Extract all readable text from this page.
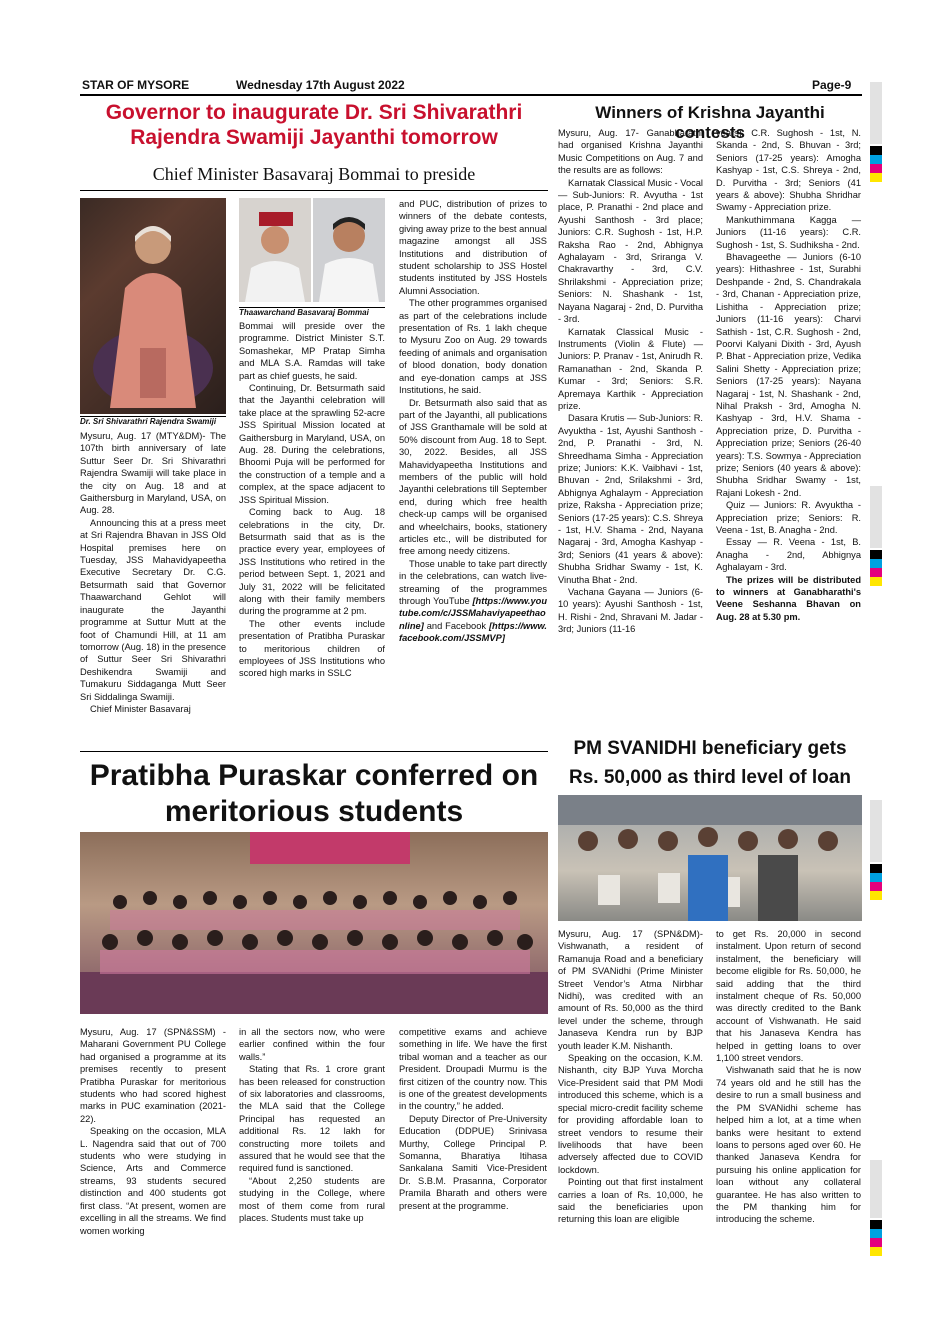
STAR OF MYSORE	Wednesday 17th August 2022	Page-9
Governor to inaugurate Dr. Sri Shivarathri Rajendra Swamiji Jayanthi tomorrow
Chief Minister Basavaraj Bommai to preside
Dr. Sri Shivarathri Rajendra Swamiji
Thaawarchand Basavaraj Bommai

Mysuru, Aug. 17 (MTY&DM)- The 107th birth anniversary of late Suttur Seer Dr. Sri Shivarathri Rajendra Swamiji will take place in the city on Aug. 18 and at Gaithersburg in Maryland, USA, on Aug. 28.

Announcing this at a press meet at Sri Rajendra Bhavan in JSS Old Hospital premises here on Tuesday, JSS Mahavidyapeetha Executive Secretary Dr. C.G. Betsurmath said that Governor Thaawarchand Gehlot will inaugurate the Jayanthi programme at Suttur Mutt at the foot of Chamundi Hill, at 11 am tomorrow (Aug. 18) in the presence of Suttur Seer Sri Shivarathri Deshikendra Swamiji and Tumakuru Siddaganga Mutt Seer Sri Siddalinga Swamiji.

Chief Minister Basavaraj

Bommai will preside over the programme. District Minister S.T. Somashekar, MP Pratap Simha and MLA S.A. Ramdas will take part as chief guests, he said.

Continuing, Dr. Betsurmath said that the Jayanthi celebration will take place at the sprawling 52-acre JSS Spiritual Mission located at Gaithersburg in Maryland, USA, on Aug. 28. During the celebrations, Bhoomi Puja will be performed for the construction of a temple and a complex, at the space adjacent to JSS Spiritual Mission.

Coming back to Aug. 18 celebrations in the city, Dr. Betsurmath said that as is the practice every year, employees of JSS Institutions who retired in the period between Sept. 1, 2021 and July 31, 2022 will be felicitated along with their family members during the programme at 2 pm.

The other events include presentation of Pratibha Puraskar to meritorious children of employees of JSS Institutions who scored high marks in SSLC

and PUC, distribution of prizes to winners of the debate contests, giving away prize to the best annual magazine amongst all JSS Institutions and distribution of student scholarship to JSS Hostel students instituted by JSS Hostels Alumni Association.

The other programmes organised as part of the celebrations include presentation of Rs. 1 lakh cheque to Mysuru Zoo on Aug. 29 towards feeding of animals and organisation of blood donation, body donation and eye-donation camps at JSS Institutions, he said.

Dr. Betsurmath also said that as part of the Jayanthi, all publications of JSS Granthamale will be sold at 50% discount from Aug. 18 to Sept. 30, 2022. Besides, all JSS Mahavidyapeetha Institutions and members of the public will hold Jayanthi celebrations till September end, during which free health check-up camps will be organised and wheelchairs, books, stationery articles etc., will be distributed for free among needy citizens.

Those unable to take part directly in the celebrations, can watch live-streaming of the programmes through YouTube [https://www.youtube.com/c/JSSMahaviyapeethaonline] and Facebook [https://www.facebook.com/JSSMVP]

Winners of Krishna Jayanthi contests

Mysuru, Aug. 17- Ganabharathi had organised Krishna Jayanthi Music Competitions on Aug. 7 and the results are as follows:

Karnatak Classical Music - Vocal — Sub-Juniors: R. Avyutha - 1st place, P. Pranathi - 2nd place and Ayushi Santhosh - 3rd place; Juniors: C.R. Sughosh - 1st, H.P. Raksha Rao - 2nd, Abhignya Aghalayam - 3rd, Sriranga V. Chakravarthy - 3rd, C.V. Shrilakshmi - Appreciation prize; Seniors: N. Shashank - 1st, Nayana Nagaraj - 2nd, D. Purvitha - 3rd.

Karnatak Classical Music - Instruments (Violin & Flute) — Juniors: P. Pranav - 1st, Anirudh R. Ramanathan - 2nd, Skanda P. Kumar - 3rd; Seniors: S.R. Apremaya Karthik - Appreciation prize.

Dasara Krutis — Sub-Juniors: R. Avyuktha - 1st, Ayushi Santhosh - 2nd, P. Pranathi - 3rd, N. Shreedhama Simha - Appreciation prize; Juniors: K.K. Vaibhavi - 1st, Bhuvan - 2nd, Srilakshmi - 3rd, Abhignya Aghalaym - Appreciation prize, Raksha - Appreciation prize; Seniors (17-25 years): C.S. Shreya - 1st, H.V. Shama - 2nd, Nayana Nagaraj - 3rd, Amogha Kashyap - 3rd; Seniors (41 years & above): Shubha Sridhar Swamy - 1st, K. Vinutha Bhat - 2nd.

Vachana Gayana — Juniors (6-10 years): Ayushi Santhosh - 1st, H. Rishi - 2nd, Shravani M. Jadar - 3rd; Juniors (11-16

years): C.R. Sughosh - 1st, N. Skanda - 2nd, S. Bhuvan - 3rd; Seniors (17-25 years): Amogha Kashyap - 1st, C.S. Shreya - 2nd, D. Purvitha - 3rd; Seniors (41 years & above): Shubha Shridhar Swamy - Appreciation prize.

Mankuthimmana Kagga — Juniors (11-16 years): C.R. Sughosh - 1st, S. Sudhiksha - 2nd.

Bhavageethe — Juniors (6-10 years): Hithashree - 1st, Surabhi Deshpande - 2nd, S. Chandrakala - 3rd, Chanan - Appreciation prize, Lishitha - Appreciation prize; Juniors (11-16 years): Charvi Sathish - 1st, C.R. Sughosh - 2nd, Poorvi Kalyani Dixith - 3rd, Ayush P. Bhat - Appreciation prize, Vedika Salini Shetty - Appreciation prize; Seniors (17-25 years): Nayana Nagaraj - 1st, N. Shashank - 2nd, Nihal Praksh - 3rd, Amogha N. Kashyap - 3rd, H.V. Shama - Appreciation prize, D. Purvitha - Appreciation prize; Seniors (26-40 years): T.S. Sowmya - Appreciation prize; Seniors (40 years & above): Shubha Sridhar Swamy - 1st, Rajani Lokesh - 2nd.

Quiz — Juniors: R. Avyuktha - Appreciation prize; Seniors: R. Veena - 1st, B. Anagha - 2nd.

Essay — R. Veena - 1st, B. Anagha - 2nd, Abhignya Aghalayam - 3rd.

The prizes will be distributed to winners at Ganabharathi's Veene Seshanna Bhavan on Aug. 28 at 5.30 pm.

Pratibha Puraskar conferred on meritorious students

Mysuru, Aug. 17 (SPN&SSM) - Maharani Government PU College had organised a programme at its premises recently to present Pratibha Puraskar for meritorious students who had scored highest marks in PUC examination (2021-22).

Speaking on the occasion, MLA L. Nagendra said that out of 700 students who were studying in Science, Arts and Commerce streams, 93 students secured distinction and 400 students got first class. “At present, women are excelling in all the streams. We find women working

in all the sectors now, who were earlier confined within the four walls.”

Stating that Rs. 1 crore grant has been released for construction of six laboratories and classrooms, the MLA said that the College Principal has requested an additional Rs. 12 lakh for constructing more toilets and assured that he would see that the required fund is sanctioned.

“About 2,250 students are studying in the College, where most of them come from rural places. Students must take up

competitive exams and achieve something in life. We have the first tribal woman and a teacher as our President. Droupadi Murmu is the first citizen of the country now. This is one of the greatest developments in the country,” he added.

Deputy Director of Pre-University Education (DDPUE) Srinivasa Murthy, College Principal P. Somanna, Bharatiya Itihasa Sankalana Samiti Vice-President Dr. S.B.M. Prasanna, Corporator Pramila Bharath and others were present at the programme.

PM SVANIDHI beneficiary gets Rs. 50,000 as third level of loan

Mysuru, Aug. 17 (SPN&DM)- Vishwanath, a resident of Ramanuja Road and a beneficiary of PM SVANidhi (Prime Minister Street Vendor’s Atma Nirbhar Nidhi), was credited with an amount of Rs. 50,000 as the third level under the scheme, through Janaseva Kendra run by BJP youth leader K.M. Nishanth.

Speaking on the occasion, K.M. Nishanth, city BJP Yuva Morcha Vice-President said that PM Modi introduced this scheme, which is a special micro-credit facility scheme for providing affordable loan to street vendors to resume their livelihoods that have been adversely affected due to COVID lockdown.

Pointing out that first instalment carries a loan of Rs. 10,000, he said the beneficiaries upon returning this loan are eligible

to get Rs. 20,000 in second instalment. Upon return of second instalment, the beneficiary will become eligible for Rs. 50,000, he said adding that the third instalment cheque of Rs. 50,000 was directly credited to the Bank account of Vishwanath. He said that his Janaseva Kendra has helped in getting loans to over 1,100 street vendors.

Vishwanath said that he is now 74 years old and he still has the desire to run a small business and the PM SVANidhi scheme has helped him a lot, at a time when banks were hesitant to extend loans to persons aged over 60. He thanked Janaseva Kendra for pursuing his online application for loan without any collateral guarantee. He has also written to the PM thanking him for introducing the scheme.
